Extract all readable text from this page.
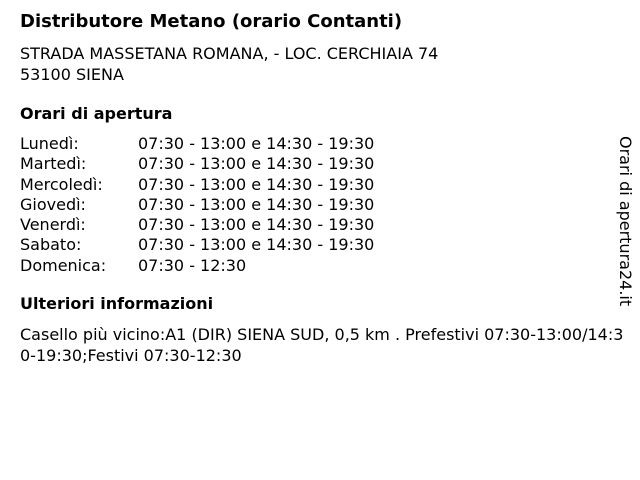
Distributore Metano (orario Contanti)
STRADA MASSETANA ROMANA, - LOC. CERCHIAIA 74
53100 SIENA
Orari di apertura
Lunedì:	07:30 - 13:00 e 14:30 - 19:30
Martedì:	07:30 - 13:00 e 14:30 - 19:30
Mercoledì:	07:30 - 13:00 e 14:30 - 19:30
Giovedì:	07:30 - 13:00 e 14:30 - 19:30
Venerdì:	07:30 - 13:00 e 14:30 - 19:30
Sabato:	07:30 - 13:00 e 14:30 - 19:30
Domenica:	07:30 - 12:30
Ulteriori informazioni
Casello più vicino:A1 (DIR) SIENA SUD, 0,5 km . Prefestivi 07:30-13:00/14:30-19:30;Festivi 07:30-12:30
Orari di apertura24.it
